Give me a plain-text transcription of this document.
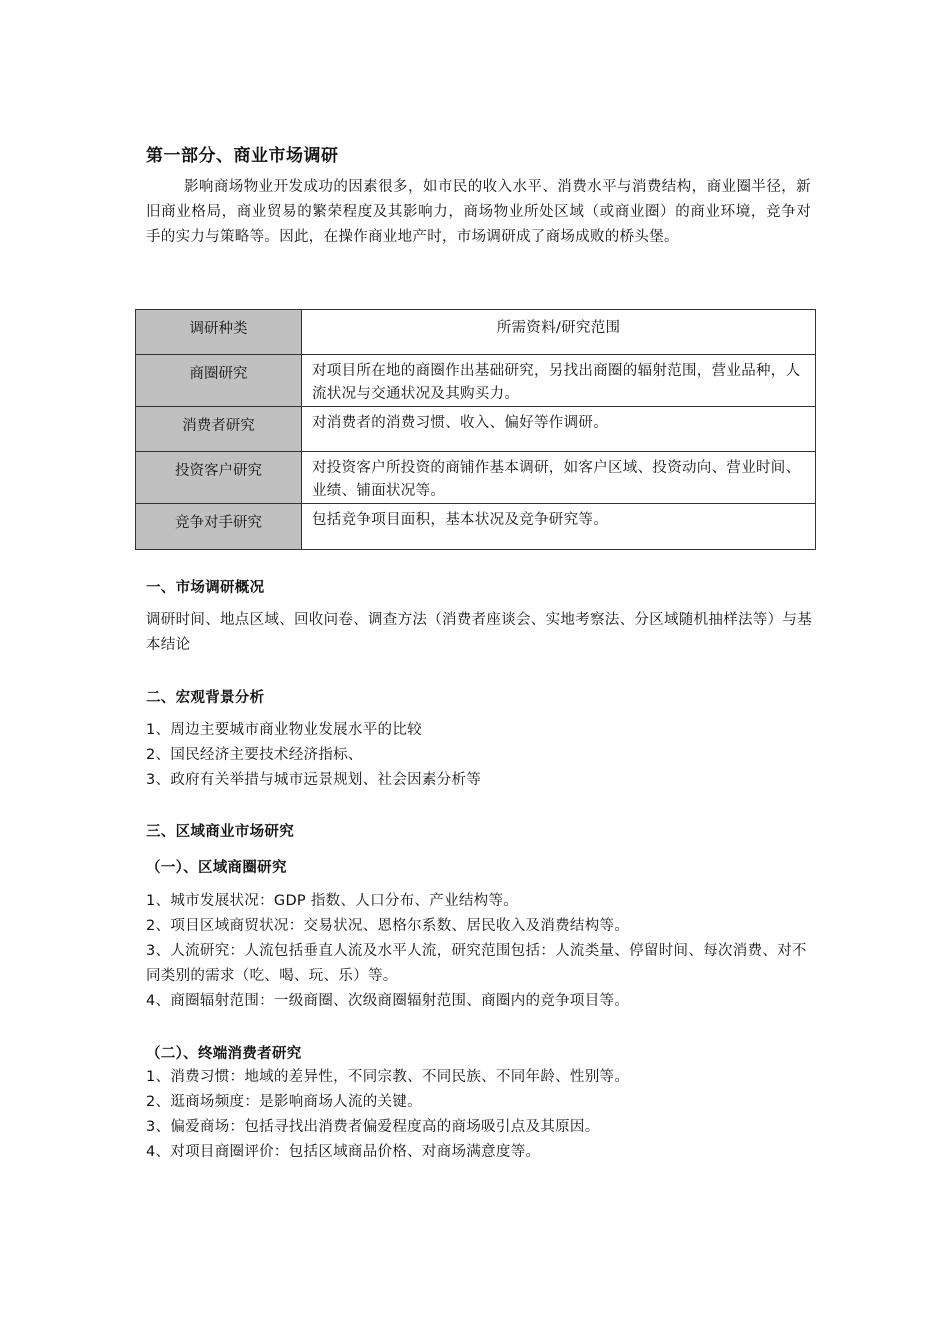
第一部分、商业市场调研
影响商场物业开发成功的因素很多，如市民的收入水平、消费水平与消费结构，商业圈半径，新旧商业格局，商业贸易的繁荣程度及其影响力，商场物业所处区域（或商业圈）的商业环境，竞争对手的实力与策略等。因此，在操作商业地产时，市场调研成了商场成败的桥头堡。
调研种类	所需资料/研究范围

商圈研究	对项目所在地的商圈作出基础研究，另找出商圈的辐射范围，营业品种，人流状况与交通状况及其购买力。

消费者研究	对消费者的消费习惯、收入、偏好等作调研。

投资客户研究	对投资客户所投资的商铺作基本调研，如客户区域、投资动向、营业时间、业绩、铺面状况等。

竞争对手研究	包括竞争项目面积，基本状况及竞争研究等。
一、市场调研概况
调研时间、地点区域、回收问卷、调查方法（消费者座谈会、实地考察法、分区域随机抽样法等）与基本结论
二、宏观背景分析
1、周边主要城市商业物业发展水平的比较
2、国民经济主要技术经济指标、
3、政府有关举措与城市远景规划、社会因素分析等
三、区域商业市场研究
（一）、区域商圈研究
1、城市发展状况：GDP 指数、人口分布、产业结构等。
2、项目区域商贸状况：交易状况、恩格尔系数、居民收入及消费结构等。
3、人流研究：人流包括垂直人流及水平人流，研究范围包括：人流类量、停留时间、每次消费、对不同类别的需求（吃、喝、玩、乐）等。
4、商圈辐射范围：一级商圈、次级商圈辐射范围、商圈内的竞争项目等。
（二）、终端消费者研究
1、消费习惯：地域的差异性，不同宗教、不同民族、不同年龄、性别等。
2、逛商场频度：是影响商场人流的关键。
3、偏爱商场：包括寻找出消费者偏爱程度高的商场吸引点及其原因。
4、对项目商圈评价：包括区域商品价格、对商场满意度等。
